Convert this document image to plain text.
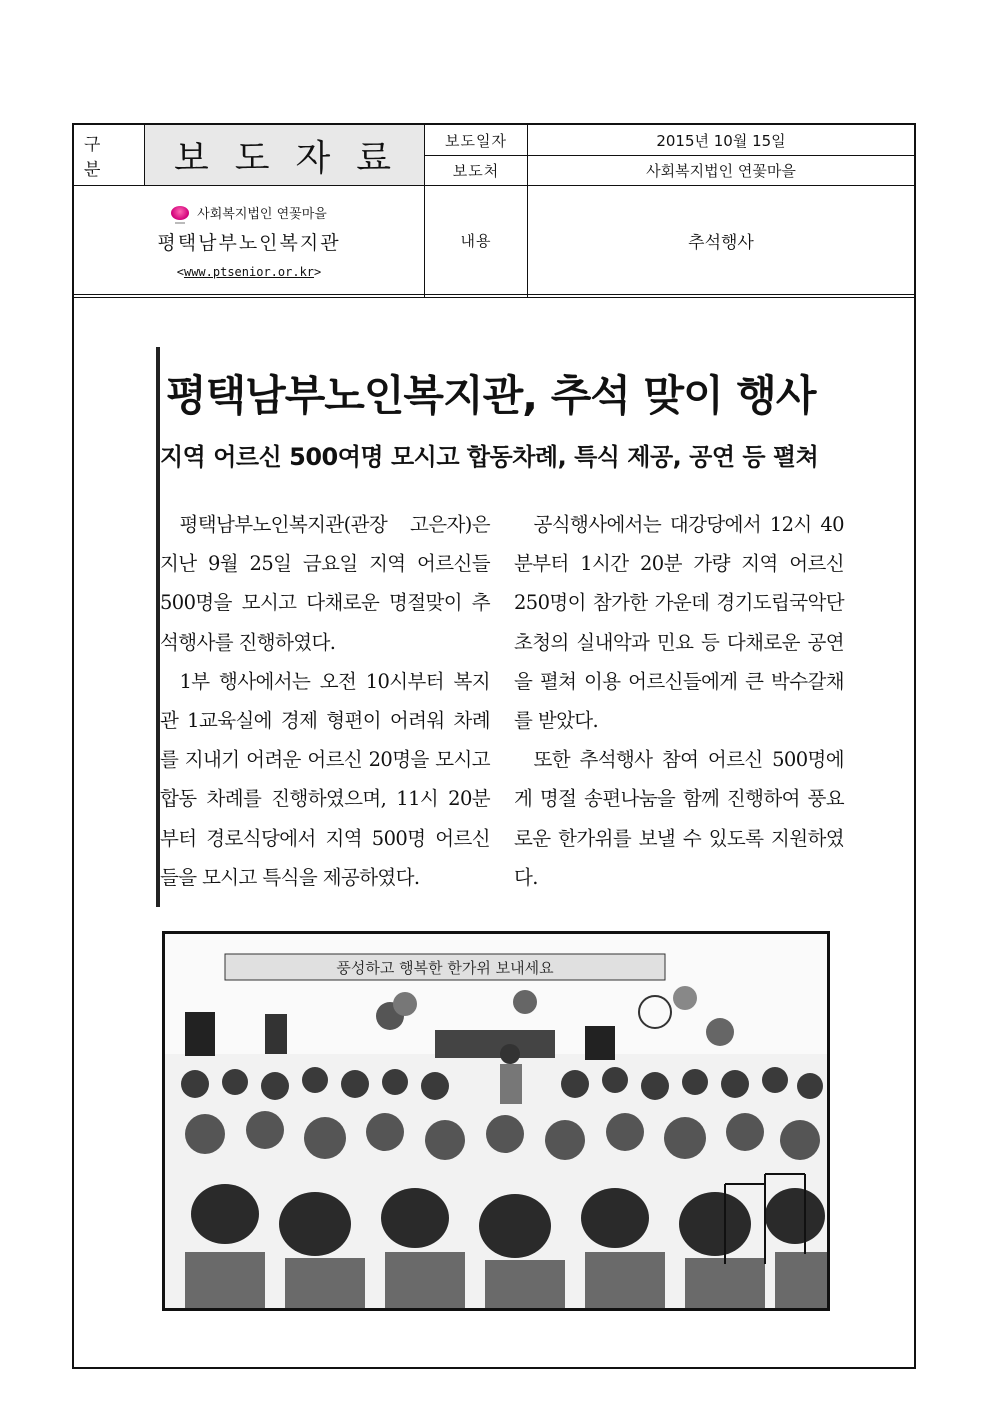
구 분	보도자료	보도일자	2015년 10월 15일
보도처	사회복지법인 연꽃마을
사회복지법인 연꽃마을
평택남부노인복지관
<www.ptsenior.or.kr>
내용	추석행사
평택남부노인복지관, 추석 맞이 행사
지역 어르신 500여명 모시고 합동차례, 특식 제공, 공연 등 펼쳐

평택남부노인복지관(관장 고은자)은 지난 9월 25일 금요일 지역 어르신들 500명을 모시고 다채로운 명절맞이 추석행사를 진행하였다.

1부 행사에서는 오전 10시부터 복지관 1교육실에 경제 형편이 어려워 차례를 지내기 어려운 어르신 20명을 모시고 합동 차례를 진행하였으며, 11시 20분부터 경로식당에서 지역 500명 어르신들을 모시고 특식을 제공하였다.

공식행사에서는 대강당에서 12시 40분부터 1시간 20분 가량 지역 어르신 250명이 참가한 가운데 경기도립국악단 초청의 실내악과 민요 등 다채로운 공연을 펼쳐 이용 어르신들에게 큰 박수갈채를 받았다.

또한 추석행사 참여 어르신 500명에게 명절 송편나눔을 함께 진행하여 풍요로운 한가위를 보낼 수 있도록 지원하였다.

풍성하고 행복한 한가위 보내세요
